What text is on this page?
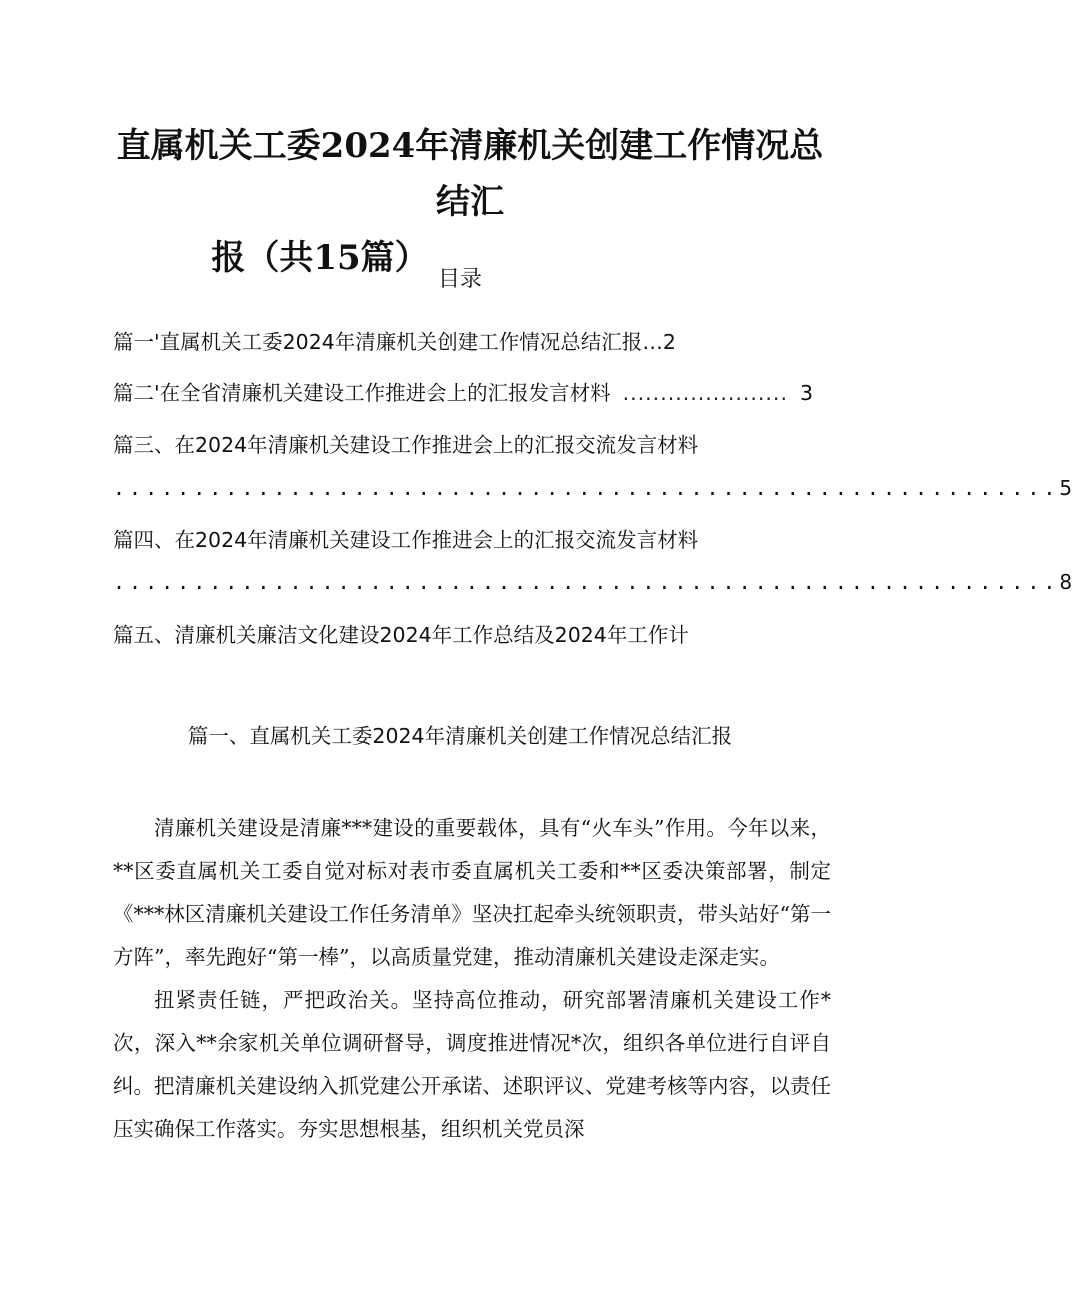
直属机关工委2024年清廉机关创建工作情况总结汇
报（共15篇）
目录
篇一'直属机关工委2024年清廉机关创建工作情况总结汇报 … 2
篇二'在全省清廉机关建设工作推进会上的汇报发言材料 ...................... 3
篇三、在2024年清廉机关建设工作推进会上的汇报交流发言材料
........................................................... 5
篇四、在2024年清廉机关建设工作推进会上的汇报交流发言材料
........................................................... 8
篇五、清廉机关廉洁文化建设2024年工作总结及2024年工作计
篇一、直属机关工委2024年清廉机关创建工作情况总结汇报

清廉机关建设是清廉***建设的重要载体，具有“火车头”作用。今年以来，**区委直属机关工委自觉对标对表市委直属机关工委和**区委决策部署，制定《***林区清廉机关建设工作任务清单》坚决扛起牵头统领职责，带头站好“第一方阵”，率先跑好“第一棒”，以高质量党建，推动清廉机关建设走深走实。

扭紧责任链，严把政治关。坚持高位推动，研究部署清廉机关建设工作*次，深入**余家机关单位调研督导，调度推进情况*次，组织各单位进行自评自纠。把清廉机关建设纳入抓党建公开承诺、述职评议、党建考核等内容，以责任压实确保工作落实。夯实思想根基，组织机关党员深
